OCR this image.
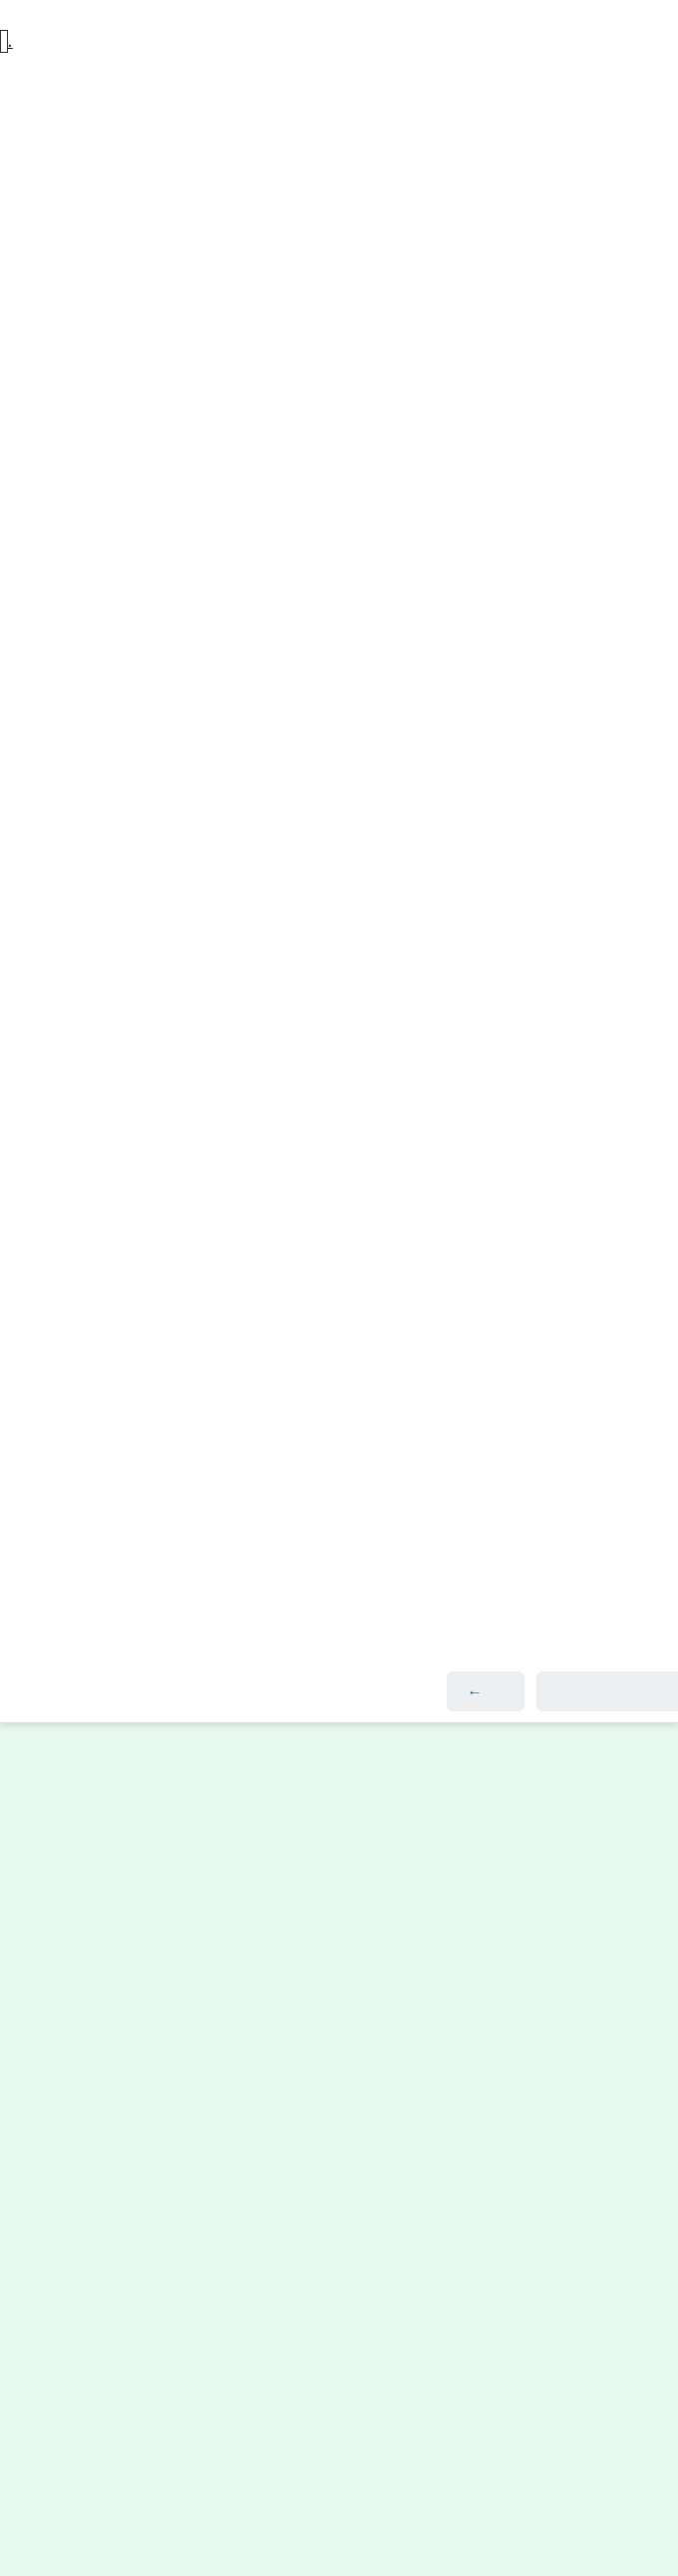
.
←
